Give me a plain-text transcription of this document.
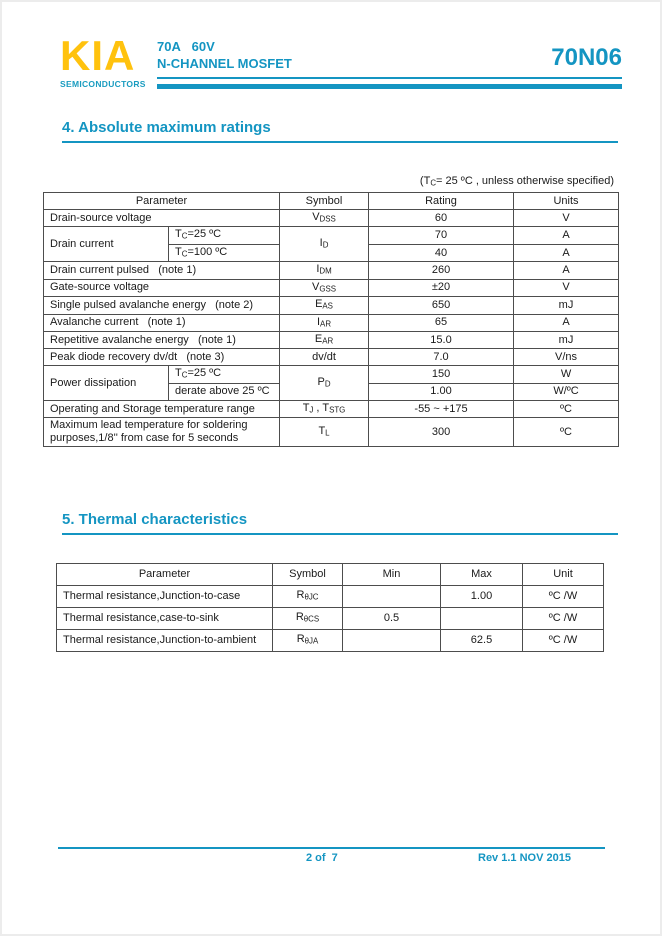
KIA
SEMICONDUCTORS
70A   60V
N-CHANNEL MOSFET	70N06
4. Absolute maximum ratings
($T_C= 25$ ºC , unless otherwise specified)
Parameter		Symbol	Rating	Units
Drain-source voltage		$V_{DSS}$	60	V
Drain current	$T_C=25$ ºC	$I_D$	70	A
	$T_C=100$ ºC		40	A
Drain current pulsed   (note 1)		$I_{DM}$	260	A
Gate-source voltage		$V_{GSS}$	±20	V
Single pulsed avalanche energy   (note 2)		$E_{AS}$	650	mJ
Avalanche current   (note 1)		$I_{AR}$	65	A
Repetitive avalanche energy   (note 1)		$E_{AR}$	15.0	mJ
Peak diode recovery dv/dt   (note 3)		dv/dt	7.0	V/ns
Power dissipation	$T_C=25$ ºC	$P_D$	150	W
	derate above 25 ºC		1.00	W/ºC
Operating and Storage temperature range		$T_J$ , $T_{STG}$	-55 ~ +175	ºC
Maximum lead temperature for soldering purposes,1/8'' from case for 5 seconds		$T_L$	300	ºC
5. Thermal characteristics
Parameter	Symbol	Min	Max	Unit
Thermal resistance,Junction-to-case	$R_{\theta JC}$		1.00	ºC /W
Thermal resistance,case-to-sink	$R_{\theta CS}$	0.5		ºC /W
Thermal resistance,Junction-to-ambient	$R_{\theta JA}$		62.5	ºC /W
2 of  7	Rev 1.1 NOV 2015
